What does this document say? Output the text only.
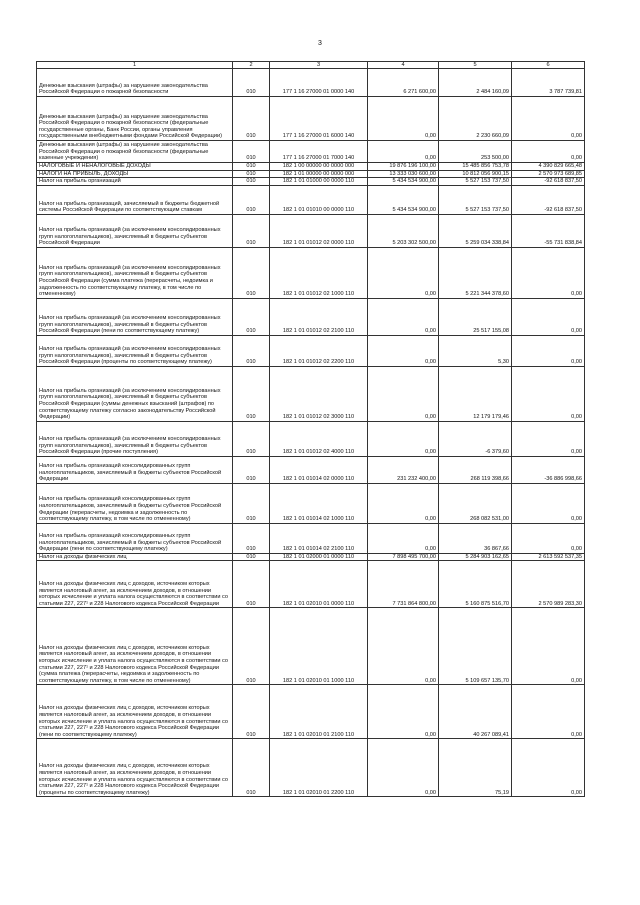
3
1	2	3	4	5	6
Денежные взыскания (штрафы) за нарушение законодательства Российской Федерации о пожарной безопасности	010	177 1 16 27000 01 0000 140	6 271 600,00	2 484 160,09	3 787 739,81
Денежные взыскания (штрафы) за нарушение законодательства Российской Федерации о пожарной безопасности (федеральные государственные органы, Банк России, органы управления государственными внебюджетными фондами Российской Федерации)	010	177 1 16 27000 01 6000 140	0,00	2 230 660,09	0,00
Денежные взыскания (штрафы) за нарушение законодательства Российской Федерации о пожарной безопасности (федеральные казенные учреждения)	010	177 1 16 27000 01 7000 140	0,00	253 500,00	0,00
НАЛОГОВЫЕ И НЕНАЛОГОВЫЕ ДОХОДЫ	010	182 1 00 00000 00 0000 000	19 876 196 100,00	15 485 856 753,78	4 390 829 665,48
НАЛОГИ НА ПРИБЫЛЬ, ДОХОДЫ	010	182 1 01 00000 00 0000 000	13 333 030 600,00	10 812 056 900,15	2 570 973 689,85
Налог на прибыль организаций	010	182 1 01 01000 00 0000 110	5 434 534 900,00	5 527 153 737,50	-92 618 837,50
Налог на прибыль организаций, зачисляемый в бюджеты бюджетной системы Российской Федерации по соответствующим ставкам	010	182 1 01 01010 00 0000 110	5 434 534 900,00	5 527 153 737,50	-92 618 837,50
Налог на прибыль организаций (за исключением консолидированных групп налогоплательщиков), зачисляемый в бюджеты субъектов Российской Федерации	010	182 1 01 01012 02 0000 110	5 203 302 500,00	5 259 034 338,84	-55 731 838,84
Налог на прибыль организаций (за исключением консолидированных групп налогоплательщиков), зачисляемый в бюджеты субъектов Российской Федерации (сумма платежа (перерасчеты, недоимка и задолженность по соответствующему платежу, в том числе по отмененному)	010	182 1 01 01012 02 1000 110	0,00	5 221 344 378,60	0,00
Налог на прибыль организаций (за исключением консолидированных групп налогоплательщиков), зачисляемый в бюджеты субъектов Российской Федерации (пени по соответствующему платежу)	010	182 1 01 01012 02 2100 110	0,00	25 517 155,08	0,00
Налог на прибыль организаций (за исключением консолидированных групп налогоплательщиков), зачисляемый в бюджеты субъектов Российской Федерации (проценты по соответствующему платежу)	010	182 1 01 01012 02 2200 110	0,00	5,30	0,00
Налог на прибыль организаций (за исключением консолидированных групп налогоплательщиков), зачисляемый в бюджеты субъектов Российской Федерации (суммы денежных взысканий (штрафов) по соответствующему платежу согласно законодательству Российской Федерации)	010	182 1 01 01012 02 3000 110	0,00	12 179 179,46	0,00
Налог на прибыль организаций (за исключением консолидированных групп налогоплательщиков), зачисляемый в бюджеты субъектов Российской Федерации (прочие поступления)	010	182 1 01 01012 02 4000 110	0,00	-6 379,60	0,00
Налог на прибыль организаций консолидированных групп налогоплательщиков, зачисляемый в бюджеты субъектов Российской Федерации	010	182 1 01 01014 02 0000 110	231 232 400,00	268 119 398,66	-36 886 998,66
Налог на прибыль организаций консолидированных групп налогоплательщиков, зачисляемый в бюджеты субъектов Российской Федерации (перерасчеты, недоимка и задолженность по соответствующему платежу, в том числе по отмененному)	010	182 1 01 01014 02 1000 110	0,00	268 082 531,00	0,00
Налог на прибыль организаций консолидированных групп налогоплательщиков, зачисляемый в бюджеты субъектов Российской Федерации (пени по соответствующему платежу)	010	182 1 01 01014 02 2100 110	0,00	36 867,66	0,00
Налог на доходы физических лиц	010	182 1 01 02000 01 0000 110	7 898 495 700,00	5 284 903 162,65	2 613 592 537,35
Налог на доходы физических лиц с доходов, источником которых является налоговый агент, за исключением доходов, в отношении которых исчисление и уплата налога осуществляются в соответствии со статьями 227, 227¹ и 228 Налогового кодекса Российской Федерации	010	182 1 01 02010 01 0000 110	7 731 864 800,00	5 160 875 516,70	2 570 989 283,30
Налог на доходы физических лиц с доходов, источником которых является налоговый агент, за исключением доходов, в отношении которых исчисление и уплата налога осуществляются в соответствии со статьями 227, 227¹ и 228 Налогового кодекса Российской Федерации (сумма платежа (перерасчеты, недоимка и задолженность по соответствующему платежу, в том числе по отмененному)	010	182 1 01 02010 01 1000 110	0,00	5 109 657 135,70	0,00
Налог на доходы физических лиц с доходов, источником которых является налоговый агент, за исключением доходов, в отношении которых исчисление и уплата налога осуществляются в соответствии со статьями 227, 227¹ и 228 Налогового кодекса Российской Федерации (пени по соответствующему платежу)	010	182 1 01 02010 01 2100 110	0,00	40 267 089,41	0,00
Налог на доходы физических лиц с доходов, источником которых является налоговый агент, за исключением доходов, в отношении которых исчисление и уплата налога осуществляются в соответствии со статьями 227, 227¹ и 228 Налогового кодекса Российской Федерации (проценты по соответствующему платежу)	010	182 1 01 02010 01 2200 110	0,00	75,19	0,00
